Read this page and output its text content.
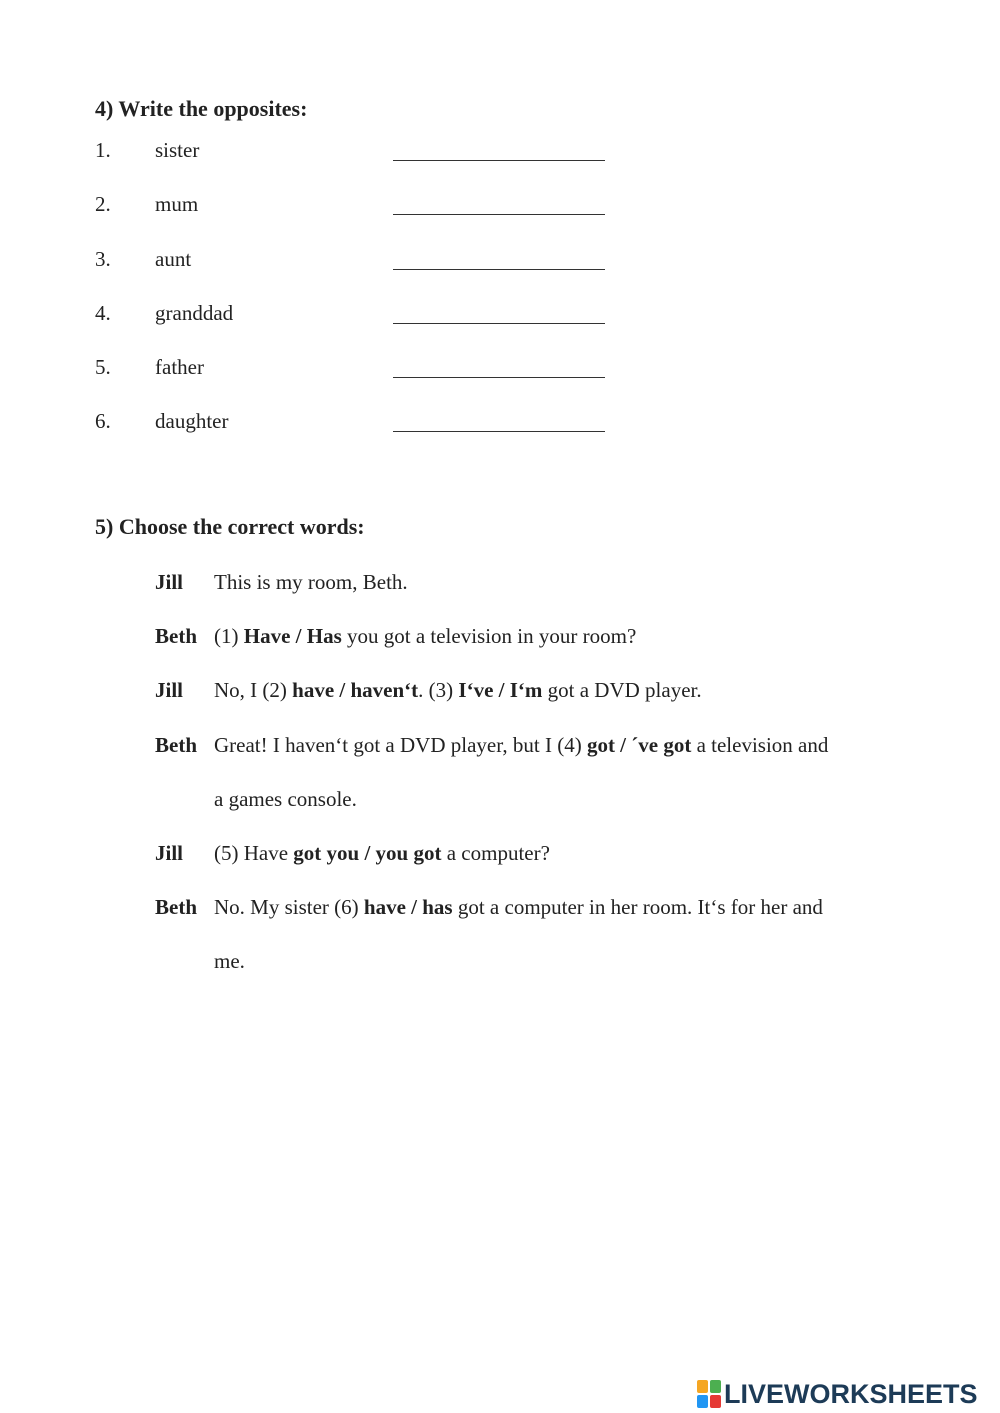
4) Write the opposites:
1. sister
2. mum
3. aunt
4. granddad
5. father
6. daughter
5) Choose the correct words:
Jill This is my room, Beth.
Beth (1) Have / Has you got a television in your room?
Jill No, I (2) have / haven‘t. (3) I‘ve / I‘m got a DVD player.
Beth Great! I haven‘t got a DVD player, but I (4) got / ´ve got a television and
a games console.
Jill (5) Have got you / you got a computer?
Beth No. My sister (6) have / has got a computer in her room. It‘s for her and
me.
LIVEWORKSHEETS
